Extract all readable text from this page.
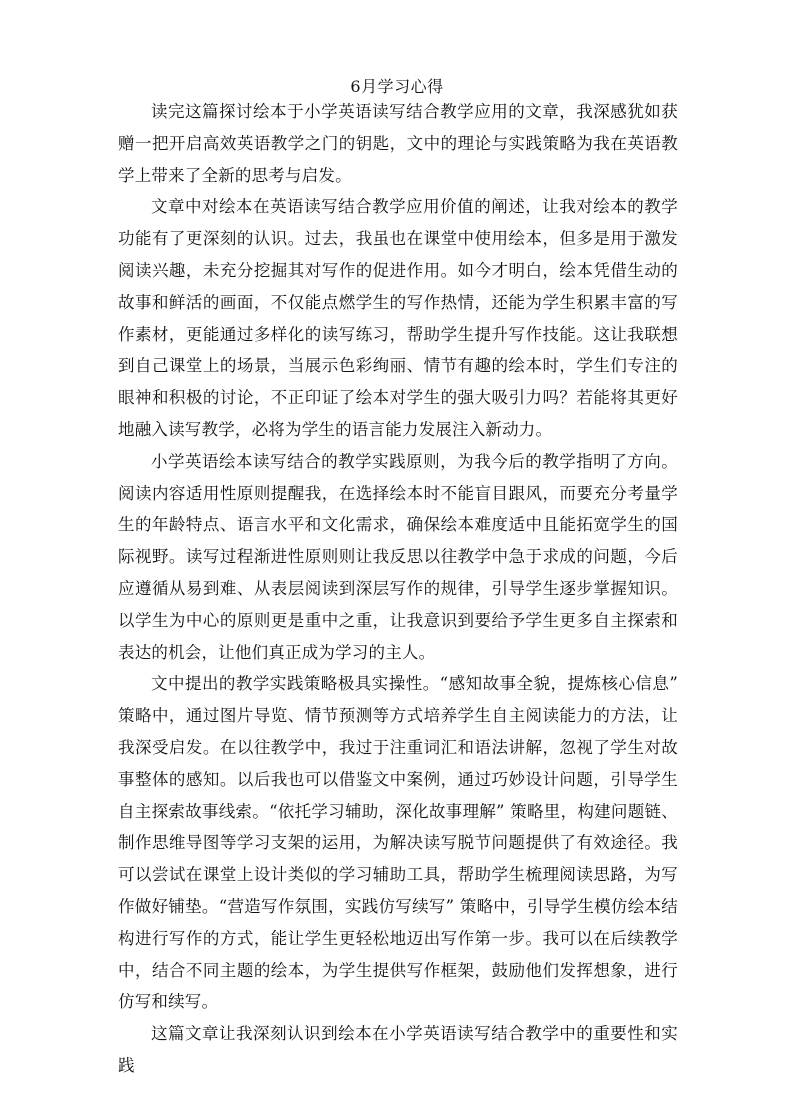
6月学习心得

读完这篇探讨绘本于小学英语读写结合教学应用的文章，我深感犹如获赠一把开启高效英语教学之门的钥匙，文中的理论与实践策略为我在英语教学上带来了全新的思考与启发。

文章中对绘本在英语读写结合教学应用价值的阐述，让我对绘本的教学功能有了更深刻的认识。过去，我虽也在课堂中使用绘本，但多是用于激发阅读兴趣，未充分挖掘其对写作的促进作用。如今才明白，绘本凭借生动的故事和鲜活的画面，不仅能点燃学生的写作热情，还能为学生积累丰富的写作素材，更能通过多样化的读写练习，帮助学生提升写作技能。这让我联想到自己课堂上的场景，当展示色彩绚丽、情节有趣的绘本时，学生们专注的眼神和积极的讨论，不正印证了绘本对学生的强大吸引力吗？若能将其更好地融入读写教学，必将为学生的语言能力发展注入新动力。

小学英语绘本读写结合的教学实践原则，为我今后的教学指明了方向。阅读内容适用性原则提醒我，在选择绘本时不能盲目跟风，而要充分考量学生的年龄特点、语言水平和文化需求，确保绘本难度适中且能拓宽学生的国际视野。读写过程渐进性原则则让我反思以往教学中急于求成的问题，今后应遵循从易到难、从表层阅读到深层写作的规律，引导学生逐步掌握知识。以学生为中心的原则更是重中之重，让我意识到要给予学生更多自主探索和表达的机会，让他们真正成为学习的主人。

文中提出的教学实践策略极具实操性。“感知故事全貌，提炼核心信息” 策略中，通过图片导览、情节预测等方式培养学生自主阅读能力的方法，让我深受启发。在以往教学中，我过于注重词汇和语法讲解，忽视了学生对故事整体的感知。以后我也可以借鉴文中案例，通过巧妙设计问题，引导学生自主探索故事线索。“依托学习辅助，深化故事理解” 策略里，构建问题链、制作思维导图等学习支架的运用，为解决读写脱节问题提供了有效途径。我可以尝试在课堂上设计类似的学习辅助工具，帮助学生梳理阅读思路，为写作做好铺垫。“营造写作氛围，实践仿写续写” 策略中，引导学生模仿绘本结构进行写作的方式，能让学生更轻松地迈出写作第一步。我可以在后续教学中，结合不同主题的绘本，为学生提供写作框架，鼓励他们发挥想象，进行仿写和续写。

这篇文章让我深刻认识到绘本在小学英语读写结合教学中的重要性和实践
